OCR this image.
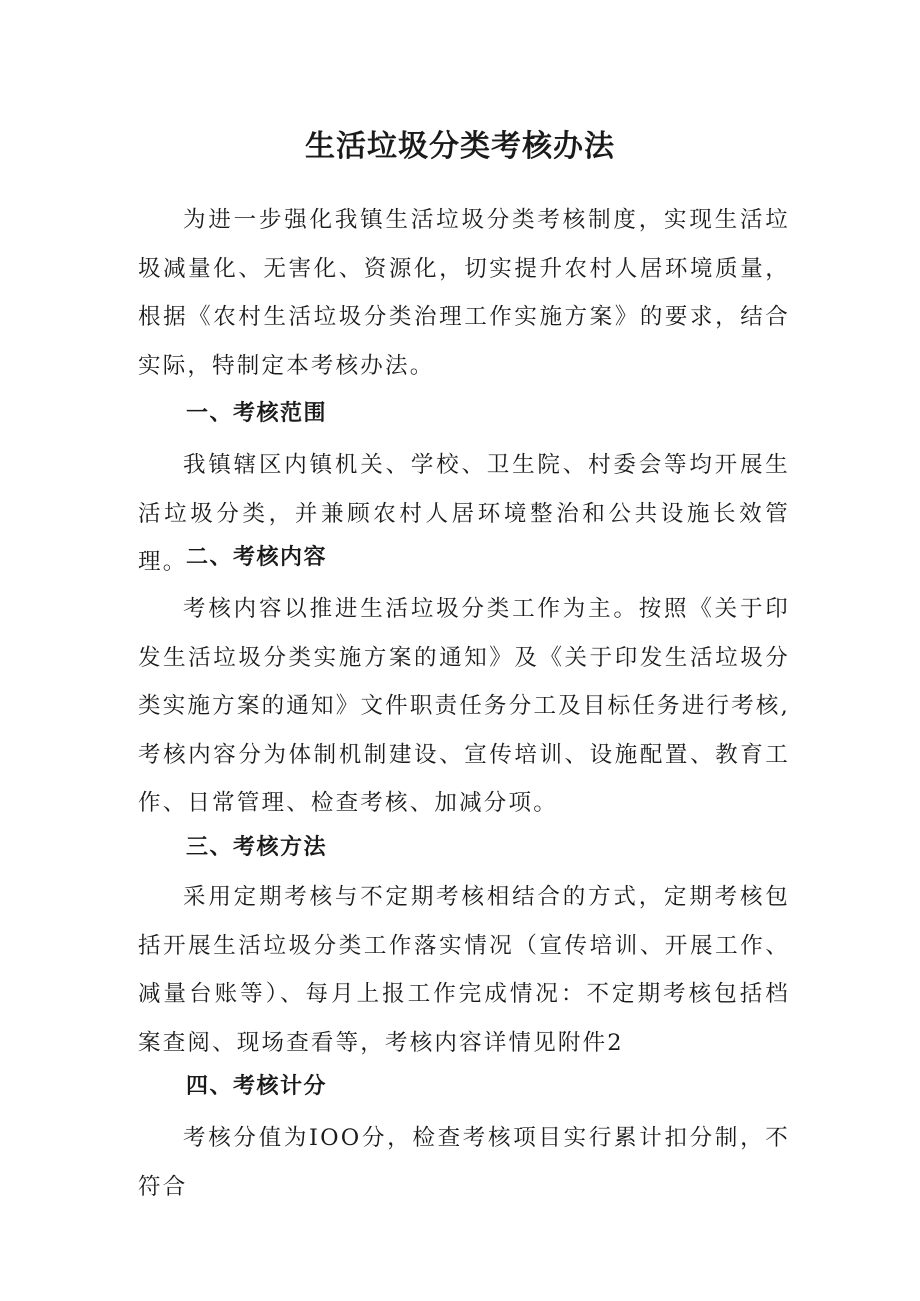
生活垃圾分类考核办法

为进一步强化我镇生活垃圾分类考核制度，实现生活垃圾减量化、无害化、资源化，切实提升农村人居环境质量，根据《农村生活垃圾分类治理工作实施方案》的要求，结合实际，特制定本考核办法。

一、考核范围

我镇辖区内镇机关、学校、卫生院、村委会等均开展生活垃圾分类，并兼顾农村人居环境整治和公共设施长效管理。

二、考核内容

考核内容以推进生活垃圾分类工作为主。按照《关于印发生活垃圾分类实施方案的通知》及《关于印发生活垃圾分类实施方案的通知》文件职责任务分工及目标任务进行考核,考核内容分为体制机制建设、宣传培训、设施配置、教育工作、日常管理、检查考核、加减分项。

三、考核方法

采用定期考核与不定期考核相结合的方式，定期考核包括开展生活垃圾分类工作落实情况（宣传培训、开展工作、减量台账等）、每月上报工作完成情况：不定期考核包括档案查阅、现场查看等，考核内容详情见附件2

四、考核计分

考核分值为IOO分，检查考核项目实行累计扣分制，不符合
